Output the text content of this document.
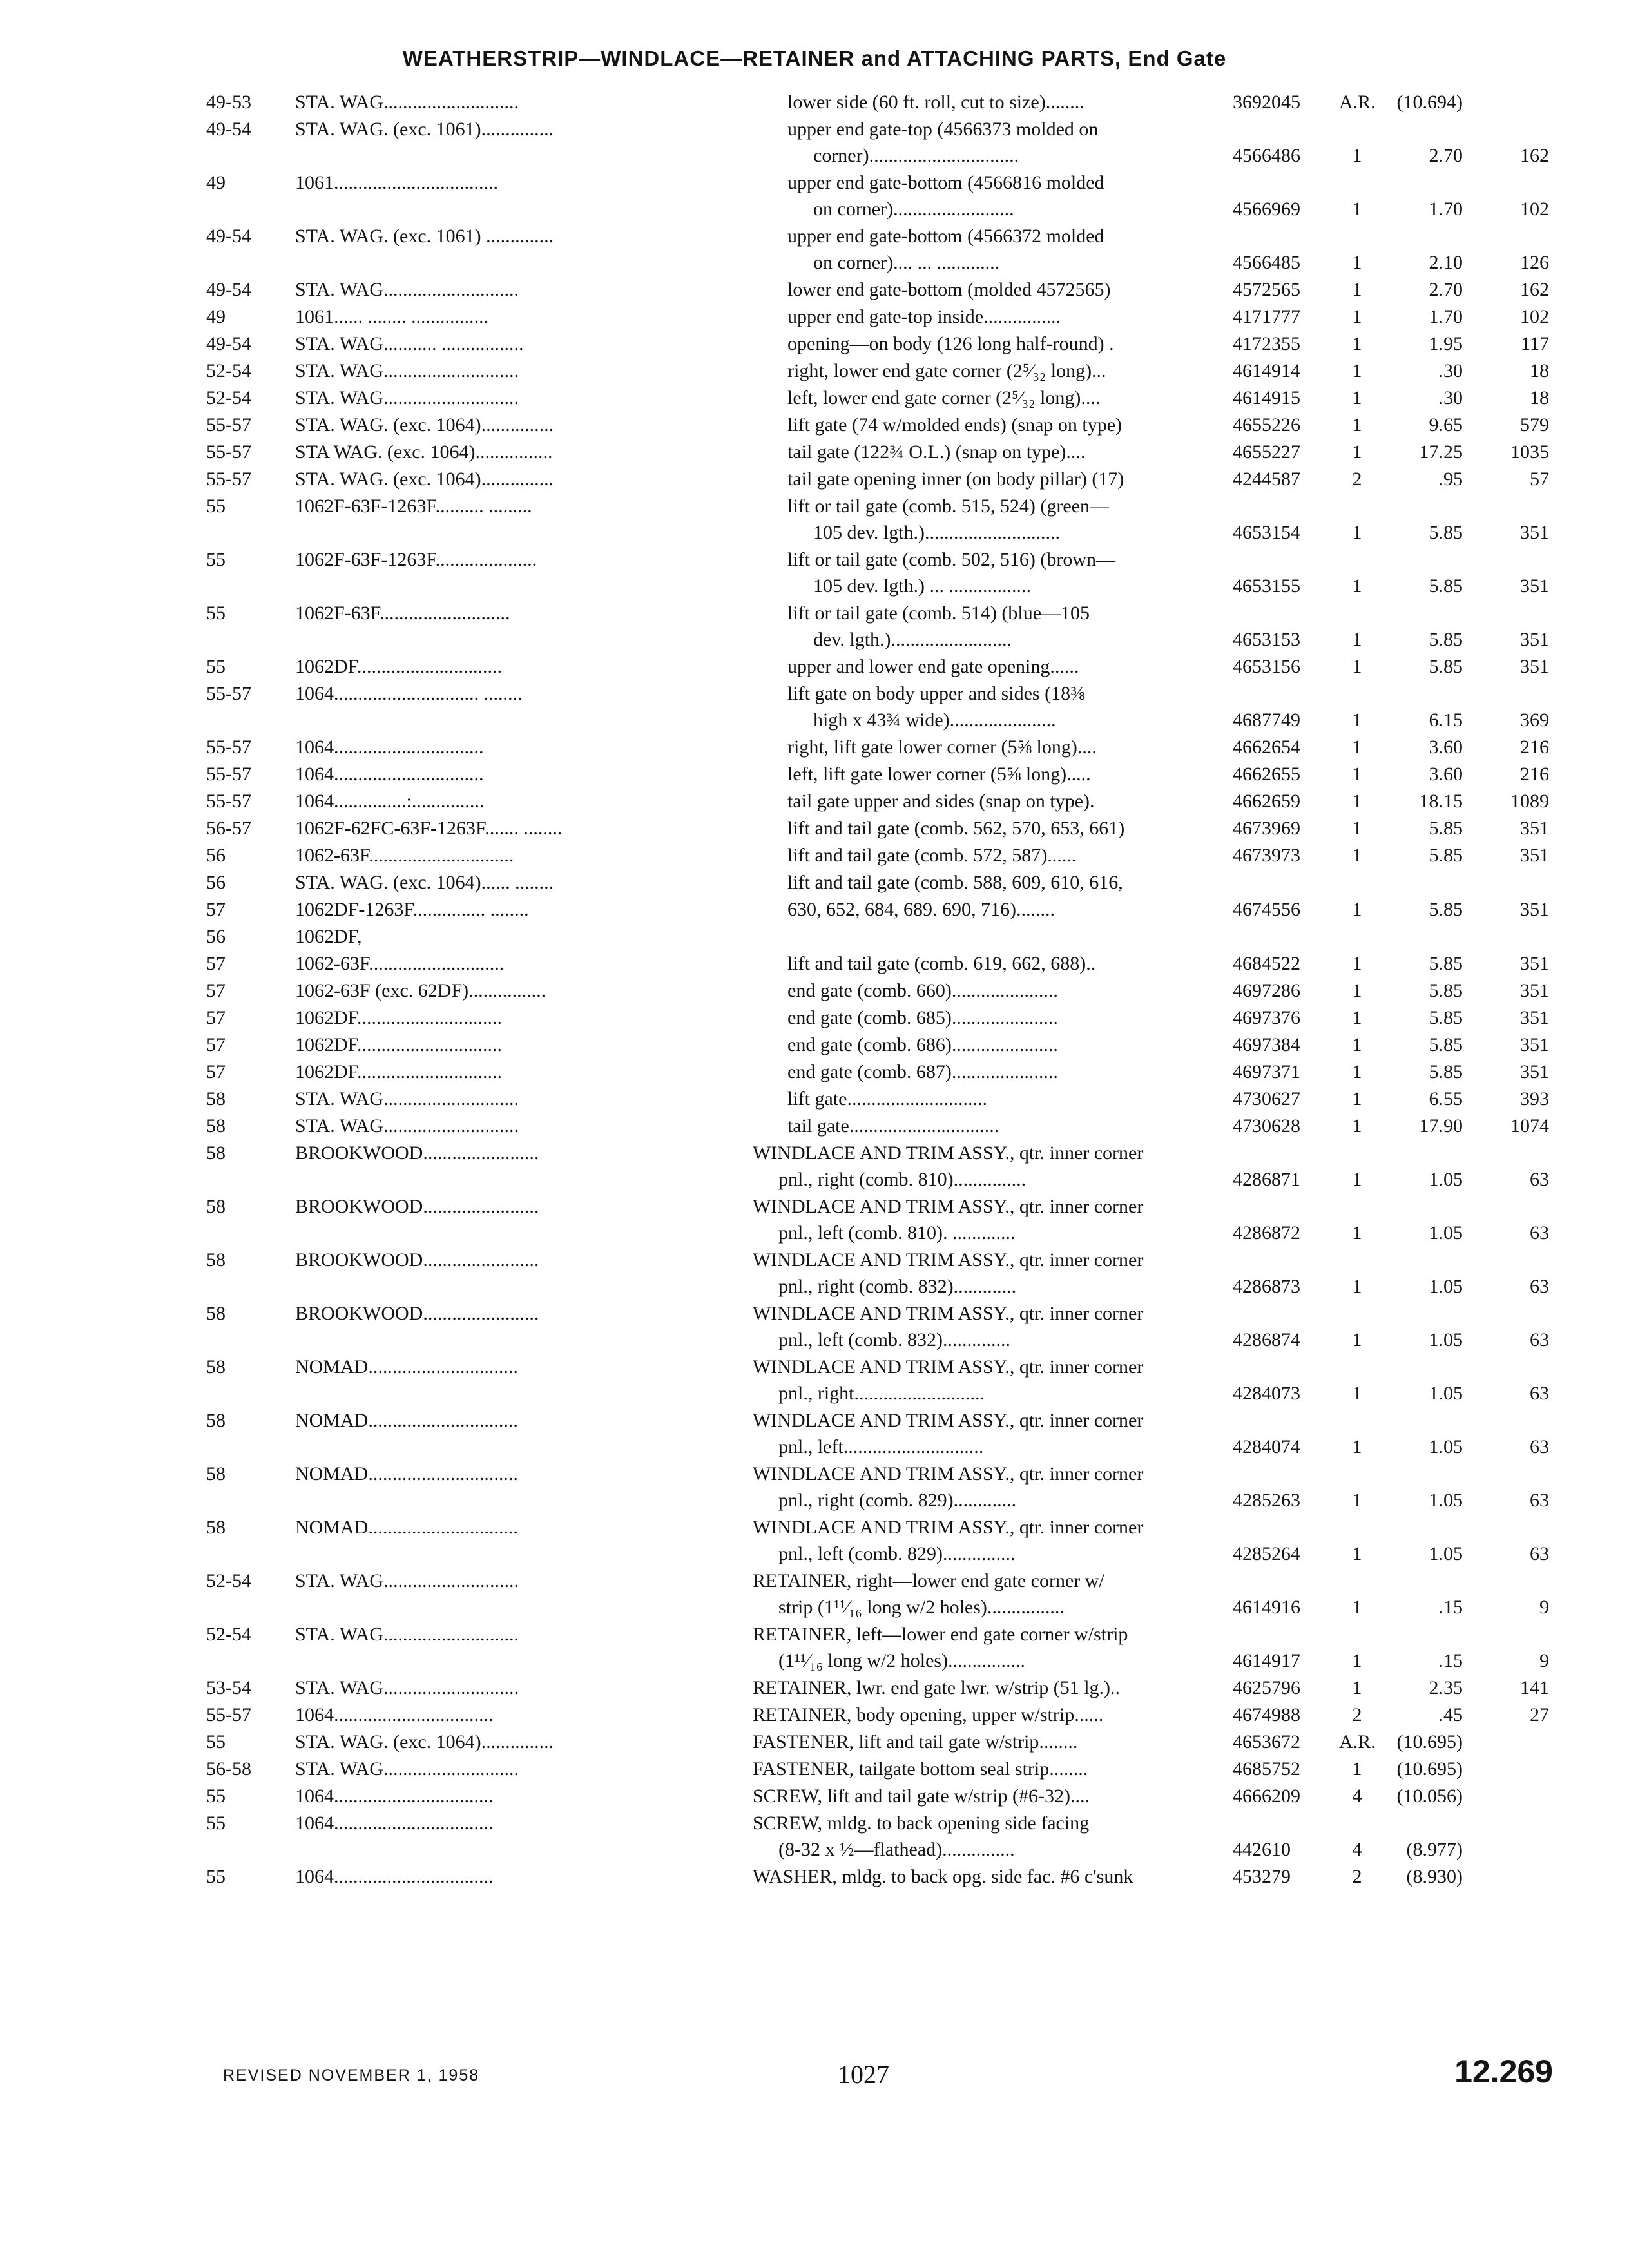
WEATHERSTRIP—WINDLACE—RETAINER and ATTACHING PARTS, End Gate
49-53 STA. WAG............................	lower side (60 ft. roll, cut to size)........	3692045	A.R. (10.694)
49-54 STA. WAG. (exc. 1061)...............	upper end gate-top (4566373 molded on
corner)...............................	4566486	1	2.70	162
49	1061..................................	upper end gate-bottom (4566816 molded
on corner).........................	4566969	1	1.70	102
49-54 STA. WAG. (exc. 1061) ..............	upper end gate-bottom (4566372 molded
on corner).... ... .............	4566485	1	2.10	126
49-54 STA. WAG............................	lower end gate-bottom (molded 4572565)	4572565	1	2.70	162
49	1061...... ........ ................	upper end gate-top inside................	4171777	1	1.70	102
49-54 STA. WAG........... .................	opening—on body (126 long half-round) .	4172355	1	1.95	117
52-54 STA. WAG............................	right, lower end gate corner (2⁵⁄₃₂ long)...	4614914	1	.30	18
52-54 STA. WAG............................	left, lower end gate corner (2⁵⁄₃₂ long)....	4614915	1	.30	18
55-57 STA. WAG. (exc. 1064)...............	lift gate (74 w/molded ends) (snap on type)	4655226	1	9.65	579
55-57 STA WAG. (exc. 1064)................	tail gate (122¾ O.L.) (snap on type)....	4655227	1	17.25	1035
55-57 STA. WAG. (exc. 1064)...............	tail gate opening inner (on body pillar) (17)	4244587	2	.95	57
55	1062F-63F-1263F.......... .........	lift or tail gate (comb. 515, 524) (green—
105 dev. lgth.)............................	4653154	1	5.85	351
55	1062F-63F-1263F.....................	lift or tail gate (comb. 502, 516) (brown—
105 dev. lgth.) ... .................	4653155	1	5.85	351
55	1062F-63F...........................	lift or tail gate (comb. 514) (blue—105
dev. lgth.).........................	4653153	1	5.85	351
55	1062DF..............................	upper and lower end gate opening......	4653156	1	5.85	351
55-57 1064.............................. ........	lift gate on body upper and sides (18⅜
high x 43¾ wide)......................	4687749	1	6.15	369
55-57 1064...............................	right, lift gate lower corner (5⅝ long)....	4662654	1	3.60	216
55-57 1064...............................	left, lift gate lower corner (5⅝ long).....	4662655	1	3.60	216
55-57 1064...............:...............	tail gate upper and sides (snap on type).	4662659	1	18.15	1089
56-57 1062F-62FC-63F-1263F....... ........	lift and tail gate (comb. 562, 570, 653, 661)	4673969	1	5.85	351
56	1062-63F..............................	lift and tail gate (comb. 572, 587)......	4673973	1	5.85	351
56	STA. WAG. (exc. 1064)...... ........	lift and tail gate (comb. 588, 609, 610, 616,
57	1062DF-1263F............... ........	630, 652, 684, 689. 690, 716)........	4674556	1	5.85	351
56	1062DF,
57	1062-63F............................	lift and tail gate (comb. 619, 662, 688)..	4684522	1	5.85	351
57	1062-63F (exc. 62DF)................	end gate (comb. 660)......................	4697286	1	5.85	351
57	1062DF..............................	end gate (comb. 685)......................	4697376	1	5.85	351
57	1062DF..............................	end gate (comb. 686)......................	4697384	1	5.85	351
57	1062DF..............................	end gate (comb. 687)......................	4697371	1	5.85	351
58	STA. WAG............................	lift gate.............................	4730627	1	6.55	393
58	STA. WAG............................	tail gate...............................	4730628	1	17.90	1074
58	BROOKWOOD........................	WINDLACE AND TRIM ASSY., qtr. inner corner
pnl., right (comb. 810)...............	4286871	1	1.05	63
58	BROOKWOOD........................	WINDLACE AND TRIM ASSY., qtr. inner corner
pnl., left (comb. 810). .............	4286872	1	1.05	63
58	BROOKWOOD........................	WINDLACE AND TRIM ASSY., qtr. inner corner
pnl., right (comb. 832).............	4286873	1	1.05	63
58	BROOKWOOD........................	WINDLACE AND TRIM ASSY., qtr. inner corner
pnl., left (comb. 832)..............	4286874	1	1.05	63
58	NOMAD...............................	WINDLACE AND TRIM ASSY., qtr. inner corner
pnl., right...........................	4284073	1	1.05	63
58	NOMAD...............................	WINDLACE AND TRIM ASSY., qtr. inner corner
pnl., left.............................	4284074	1	1.05	63
58	NOMAD...............................	WINDLACE AND TRIM ASSY., qtr. inner corner
pnl., right (comb. 829).............	4285263	1	1.05	63
58	NOMAD...............................	WINDLACE AND TRIM ASSY., qtr. inner corner
pnl., left (comb. 829)...............	4285264	1	1.05	63
52-54 STA. WAG............................	RETAINER, right—lower end gate corner w/
strip (1¹¹⁄₁₆ long w/2 holes)................	4614916	1	.15	9
52-54 STA. WAG............................	RETAINER, left—lower end gate corner w/strip
(1¹¹⁄₁₆ long w/2 holes)................	4614917	1	.15	9
53-54 STA. WAG............................	RETAINER, lwr. end gate lwr. w/strip (51 lg.)..	4625796	1	2.35	141
55-57 1064.................................	RETAINER, body opening, upper w/strip......	4674988	2	.45	27
55	STA. WAG. (exc. 1064)...............	FASTENER, lift and tail gate w/strip........	4653672	A.R. (10.695)
56-58 STA. WAG............................	FASTENER, tailgate bottom seal strip........	4685752	1	(10.695)
55	1064.................................	SCREW, lift and tail gate w/strip (#6-32)....	4666209	4	(10.056)
55	1064.................................	SCREW, mldg. to back opening side facing
(8-32 x ½—flathead)...............	442610	4	(8.977)
55	1064.................................	WASHER, mldg. to back opg. side fac. #6 c'sunk	453279	2	(8.930)
REVISED NOVEMBER 1, 1958	1027	12.269
